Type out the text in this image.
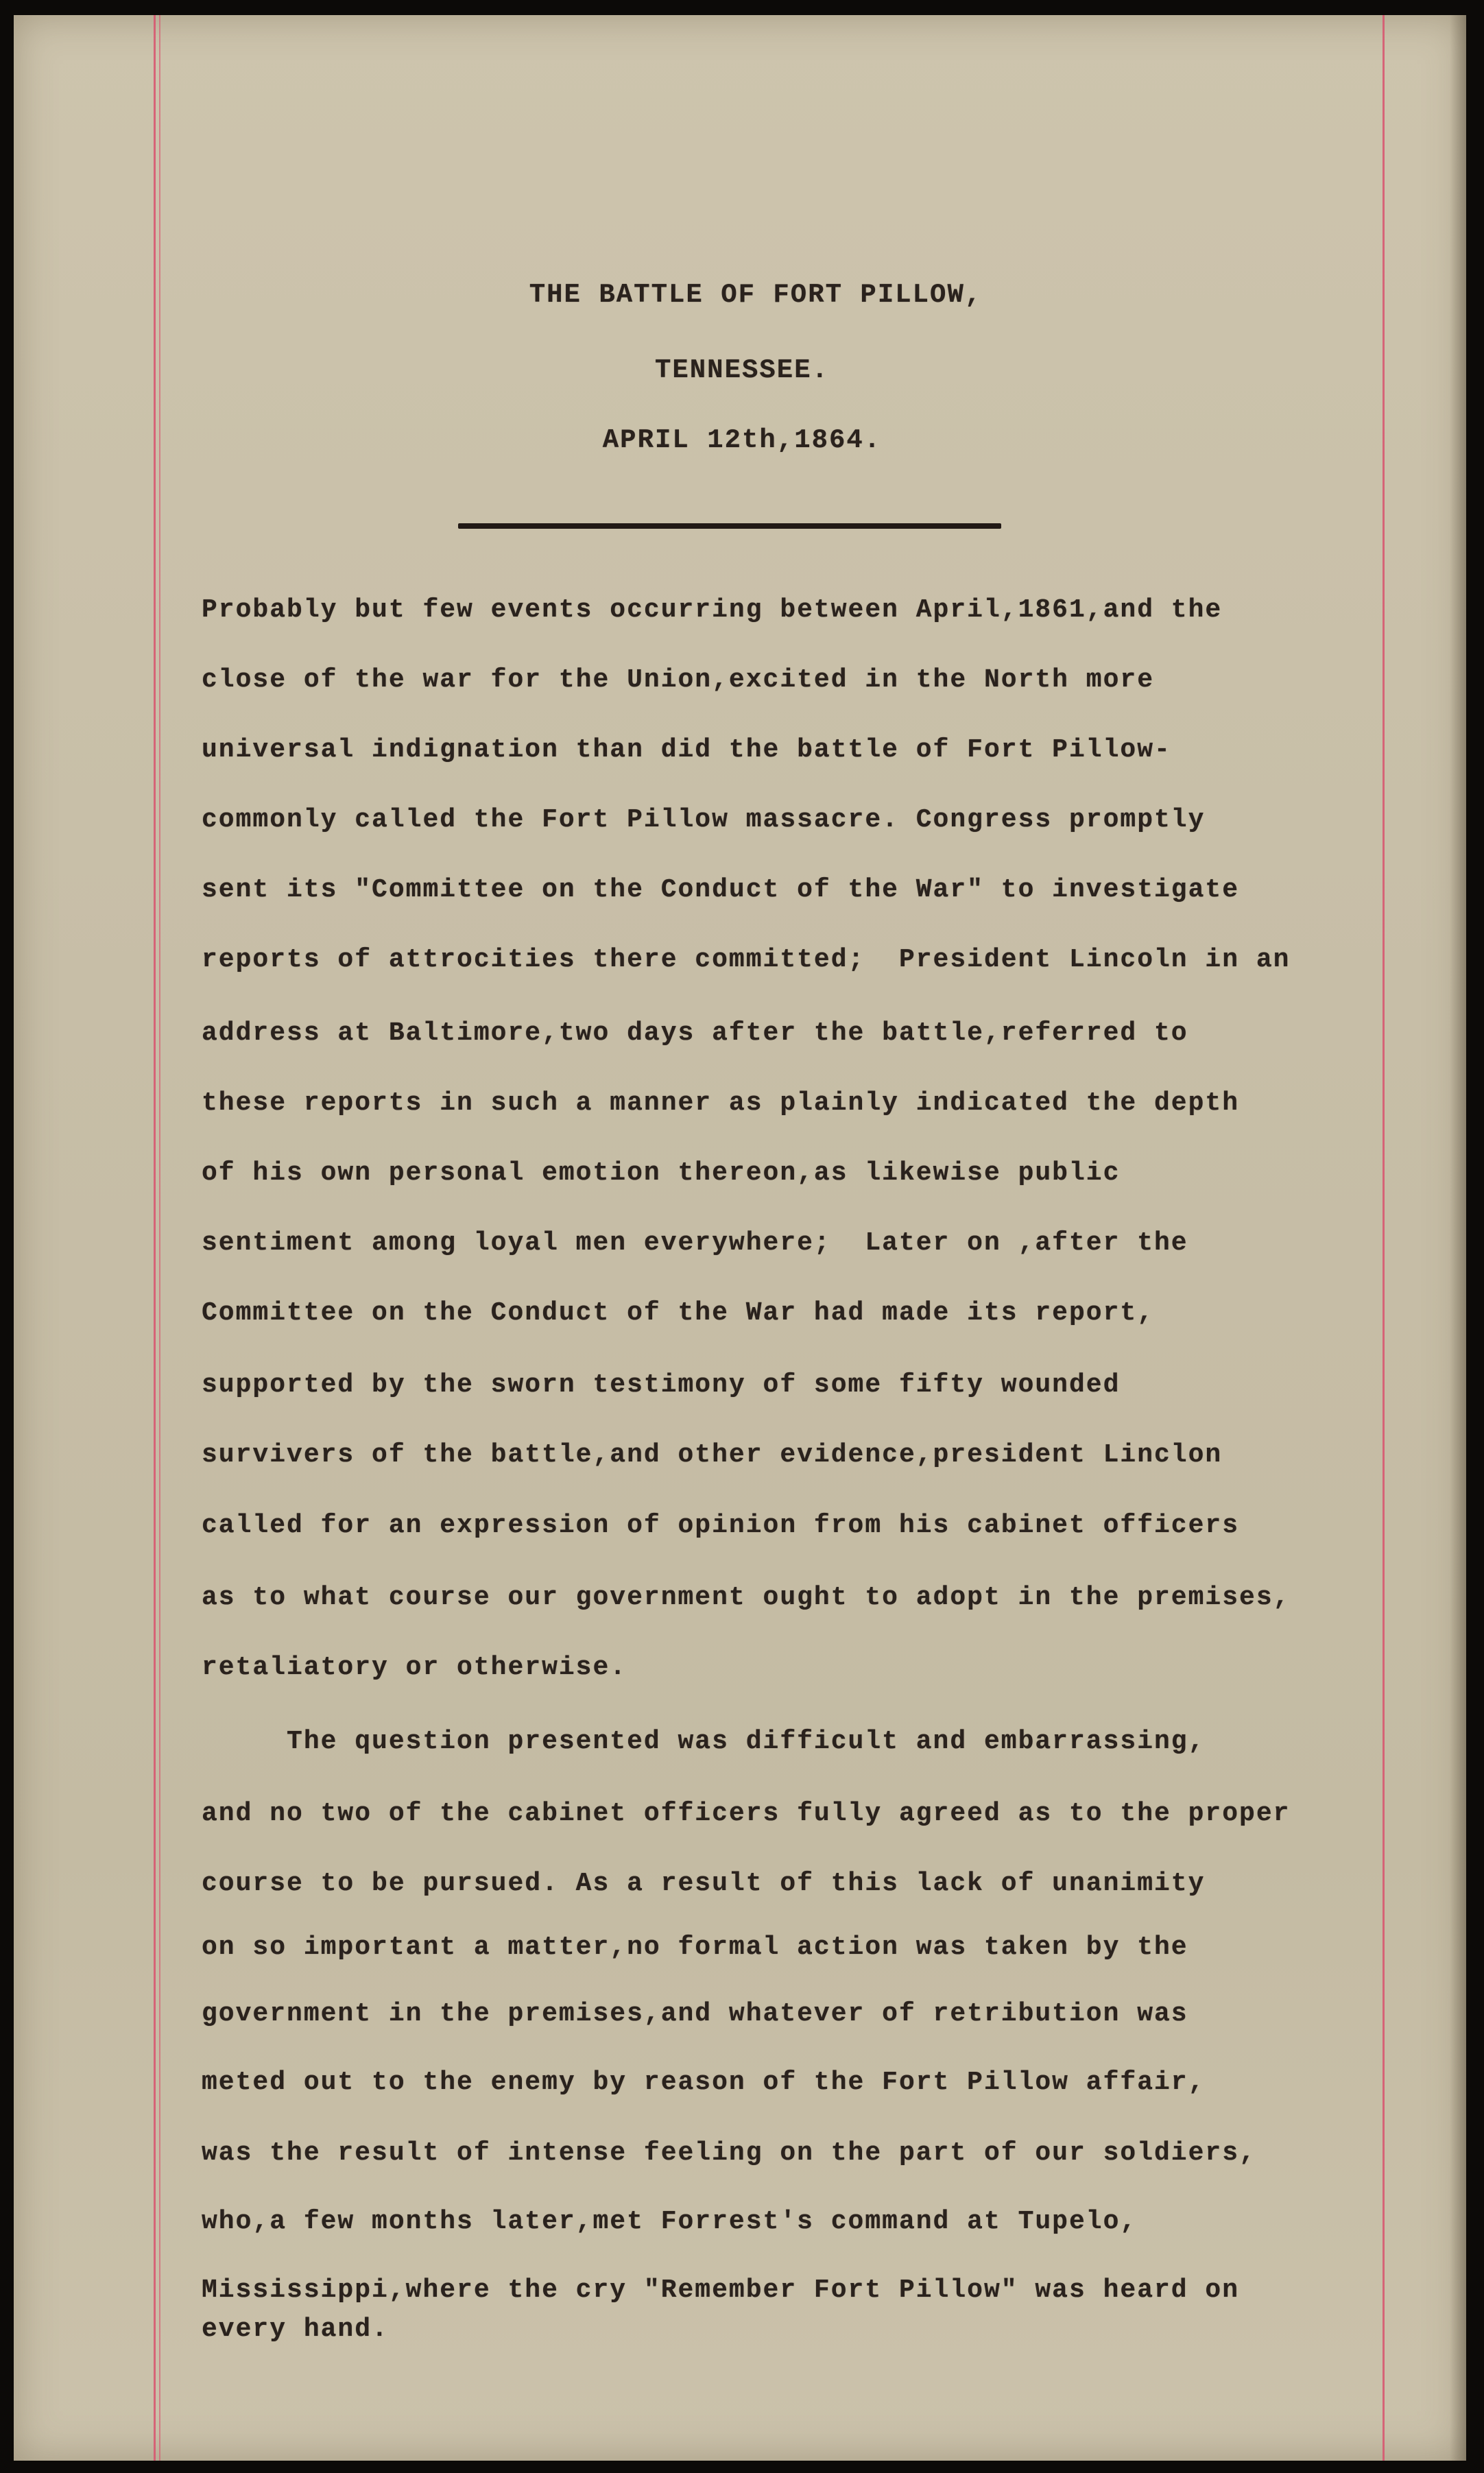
THE BATTLE OF FORT PILLOW,
TENNESSEE.
APRIL 12th,1864.
Probably but few events occurring between April,1861,and the
close of the war for the Union,excited in the North more
universal indignation than did the battle of Fort Pillow-
commonly called the Fort Pillow massacre. Congress promptly
sent its "Committee on the Conduct of the War" to investigate
reports of attrocities there committed;  President Lincoln in an
address at Baltimore,two days after the battle,referred to
these reports in such a manner as plainly indicated the depth
of his own personal emotion thereon,as likewise public
sentiment among loyal men everywhere;  Later on ,after the
Committee on the Conduct of the War had made its report,
supported by the sworn testimony of some fifty wounded
survivers of the battle,and other evidence,president Linclon
called for an expression of opinion from his cabinet officers
as to what course our government ought to adopt in the premises,
retaliatory or otherwise.
The question presented was difficult and embarrassing,
and no two of the cabinet officers fully agreed as to the proper
course to be pursued. As a result of this lack of unanimity
on so important a matter,no formal action was taken by the
government in the premises,and whatever of retribution was
meted out to the enemy by reason of the Fort Pillow affair,
was the result of intense feeling on the part of our soldiers,
who,a few months later,met Forrest's command at Tupelo,
Mississippi,where the cry "Remember Fort Pillow" was heard on
every hand.
